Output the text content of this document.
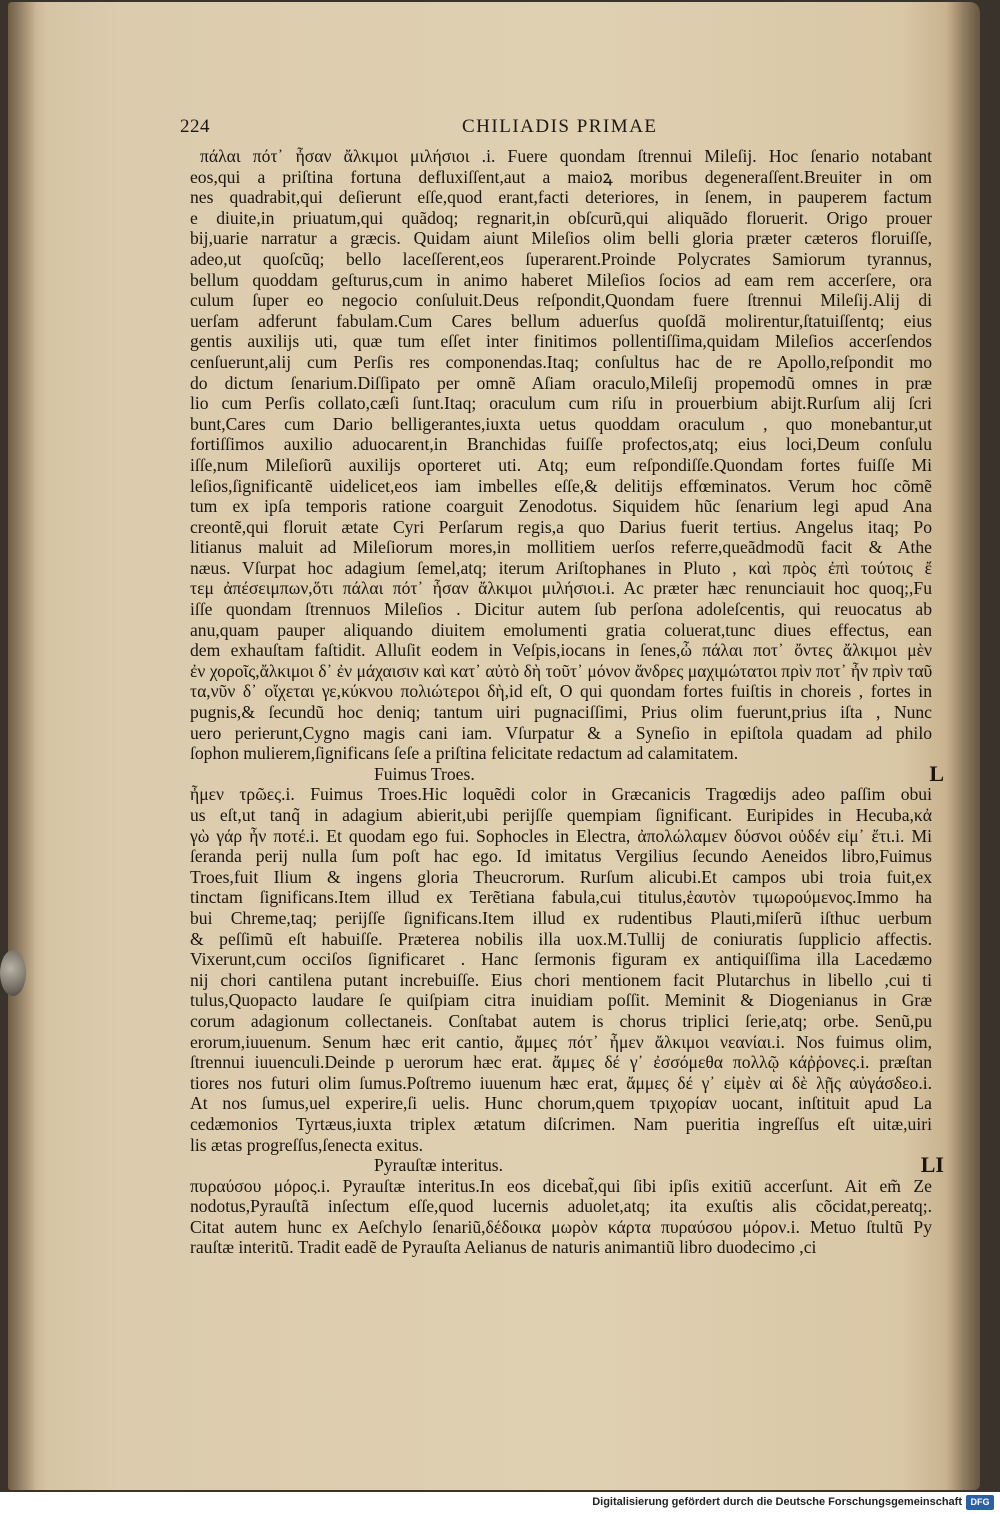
224	CHILIADIS PRIMAE
πάλαι πότ᾽ ἦσαν ἄλκιμοι μιλήσιοι .i. Fuere quondam ſtrennui Mileſij. Hoc ſenario notabant
eos,qui a priſtina fortuna defluxiſſent,aut a maioꝝ moribus degeneraſſent.Breuiter in om
nes quadrabit,qui deſierunt eſſe,quod erant,facti deteriores, in ſenem, in pauperem factum
e diuite,in priuatum,qui quãdoq; regnarit,in obſcurũ,qui aliquãdo floruerit. Origo prouer
bij,uarie narratur a græcis. Quidam aiunt Mileſios olim belli gloria præter cæteros floruiſſe,
adeo,ut quoſcũq; bello laceſſerent,eos ſuperarent.Proinde Polycrates Samiorum tyrannus,
bellum quoddam geſturus,cum in animo haberet Mileſios ſocios ad eam rem accerſere, ora
culum ſuper eo negocio conſuluit.Deus reſpondit,Quondam fuere ſtrennui Mileſij.Alij di
uerſam adferunt fabulam.Cum Cares bellum aduerſus quoſdã molirentur,ſtatuiſſentq; eius
gentis auxilijs uti, quæ tum eſſet inter finitimos pollentiſſima,quidam Mileſios accerſendos
cenſuerunt,alij cum Perſis res componendas.Itaq; conſultus hac de re Apollo,reſpondit mo
do dictum ſenarium.Diſſipato per omnẽ Aſiam oraculo,Mileſij propemodũ omnes in præ
lio cum Perſis collato,cæſi ſunt.Itaq; oraculum cum riſu in prouerbium abijt.Rurſum alij ſcri
bunt,Cares cum Dario belligerantes,iuxta uetus quoddam oraculum , quo monebantur,ut
fortiſſimos auxilio aduocarent,in Branchidas fuiſſe profectos,atq; eius loci,Deum conſulu
iſſe,num Mileſiorũ auxilijs oporteret uti. Atq; eum reſpondiſſe.Quondam fortes fuiſſe Mi
leſios,ſignificantẽ uidelicet,eos iam imbelles eſſe,& delitijs effœminatos. Verum hoc cõmẽ
tum ex ipſa temporis ratione coarguit Zenodotus. Siquidem hũc ſenarium legi apud Ana
creontẽ,qui floruit ætate Cyri Perſarum regis,a quo Darius fuerit tertius. Angelus itaq; Po
litianus maluit ad Mileſiorum mores,in mollitiem uerſos referre,queãdmodũ facit & Athe
næus. Vſurpat hoc adagium ſemel,atq; iterum Ariſtophanes in Pluto , καὶ πρὸς ἐπὶ τούτοις ἔ
τεμ ἀπέσειμπων,ὅτι πάλαι πότ᾽ ἦσαν ἄλκιμοι μιλήσιοι.i. Ac præter hæc renunciauit hoc quoq;,Fu
iſſe quondam ſtrennuos Mileſios . Dicitur autem ſub perſona adoleſcentis, qui reuocatus ab
anu,quam pauper aliquando diuitem emolumenti gratia coluerat,tunc diues effectus, ean
dem exhauſtam faſtidit. Alluſit eodem in Veſpis,iocans in ſenes,ὦ πάλαι ποτ᾽ ὄντες ἄλκιμοι μὲν
ἐν χοροῖς,ἄλκιμοι δ᾽ ἐν μάχαισιν καὶ κατ᾽ αὐτὸ δὴ τοῦτ᾽ μόνον ἄνδρες μαχιμώτατοι πρὶν ποτ᾽ ἦν πρὶν ταῦ
τα,νῦν δ᾽ οἴχεται γε,κύκνου πολιώτεροι δὴ,id eſt, O qui quondam fortes fuiſtis in choreis , fortes in
pugnis,& ſecundũ hoc deniq; tantum uiri pugnaciſſimi, Prius olim fuerunt,prius iſta , Nunc
uero perierunt,Cygno magis cani iam. Vſurpatur & a Syneſio in epiſtola quadam ad philo
ſophon mulierem,ſignificans ſeſe a priſtina felicitate redactum ad calamitatem.
Fuimus Troes.	L
ἦμεν τρῶες.i. Fuimus Troes.Hic loquẽdi color in Græcanicis Tragœdijs adeo paſſim obui
us eſt,ut tanq̃ in adagium abierit,ubi perijſſe quempiam ſignificant. Euripides in Hecuba,κἀ
γὼ γάρ ἦν ποτέ.i. Et quodam ego fui. Sophocles in Electra, ἀπολώλαμεν δύσνοι οὐδέν εἰμ᾽ ἔτι.i. Mi
ſeranda perij nulla ſum poſt hac ego. Id imitatus Vergilius ſecundo Aeneidos libro,Fuimus
Troes,fuit Ilium & ingens gloria Theucrorum. Rurſum alicubi.Et campos ubi troia fuit,ex
tinctam ſignificans.Item illud ex Terẽtiana fabula,cui titulus,ἑαυτὸν τιμωρούμενος.Immo ha
bui Chreme,taq; perijſſe ſignificans.Item illud ex rudentibus Plauti,miſerũ iſthuc uerbum
& peſſimũ eſt habuiſſe. Præterea nobilis illa uox.M.Tullij de coniuratis ſupplicio affectis.
Vixerunt,cum occiſos ſignificaret . Hanc ſermonis figuram ex antiquiſſima illa Lacedæmo
nij chori cantilena putant increbuiſſe. Eius chori mentionem facit Plutarchus in libello ,cui ti
tulus,Quopacto laudare ſe quiſpiam citra inuidiam poſſit. Meminit & Diogenianus in Græ
corum adagionum collectaneis. Conſtabat autem is chorus triplici ſerie,atq; orbe. Senũ,pu
erorum,iuuenum. Senum hæc erit cantio, ἄμμες πότ᾽ ἦμεν ἄλκιμοι νεανίαι.i. Nos fuimus olim,
ſtrennui iuuenculi.Deinde p uerorum hæc erat. ἄμμες δέ γ᾽ ἐσσόμεθα πολλῷ κάῤῥονες.i. præſtan
tiores nos futuri olim ſumus.Poſtremo iuuenum hæc erat, ἄμμες δέ γ᾽ εἰμὲν αἰ δὲ λῇς αὐγάσδεο.i.
At nos ſumus,uel experire,ſi uelis. Hunc chorum,quem τριχορίαν uocant, inſtituit apud La
cedæmonios Tyrtæus,iuxta triplex ætatum diſcrimen. Nam pueritia ingreſſus eſt uitæ,uiri
lis ætas progreſſus,ſenecta exitus.
Pyrauſtæ interitus.	LI
πυραύσου μόρος.i. Pyrauſtæ interitus.In eos dicebat̃,qui ſibi ipſis exitiũ accerſunt. Ait em̃ Ze
nodotus,Pyrauſtã inſectum eſſe,quod lucernis aduolet,atq; ita exuſtis alis cõcidat,pereatq;.
Citat autem hunc ex Aeſchylo ſenariũ,δέδοικα μωρὸν κάρτα πυραύσου μόρον.i. Metuo ſtultũ Py
rauſtæ interitũ. Tradit eadẽ de Pyrauſta Aelianus de naturis animantiũ libro duodecimo ,ci
Digitalisierung gefördert durch die Deutsche Forschungsgemeinschaft DFG
